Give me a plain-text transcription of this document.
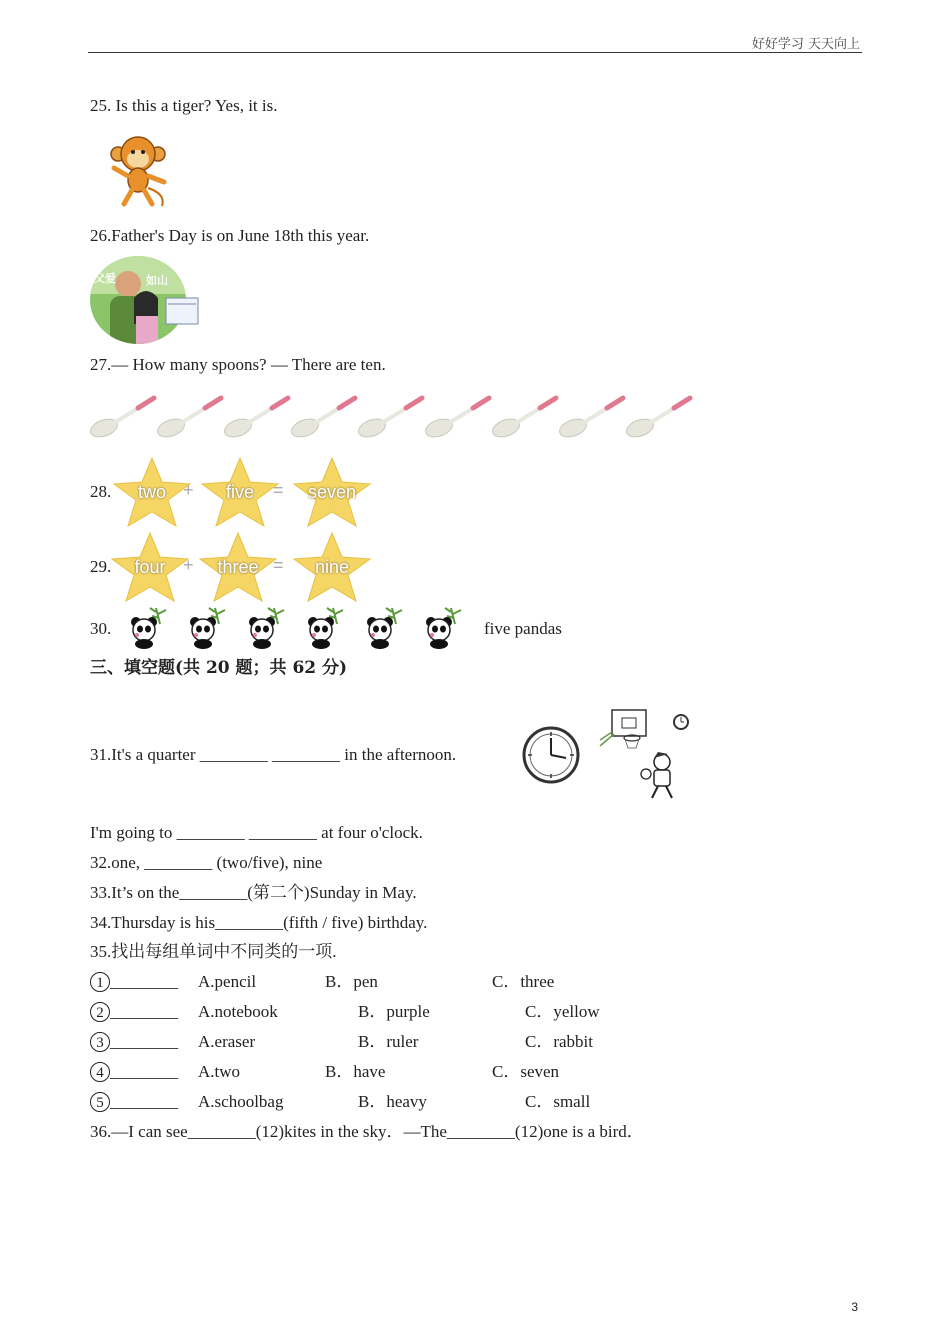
好好学习 天天向上
25. Is this a tiger? Yes, it is.
26.Father's Day is on June 18th this year.
父爱	如山
27.— How many spoons? — There are ten.
28.	two +	five	=	seven
29.	four +	three =	nine
30.	five pandas
三、填空题(共 20 题；共 62 分)
31.It's a quarter ________ ________ in the afternoon.
I'm going to ________ ________ at four o'clock.
32.one, ________ (two/five), nine
33.It’s on the________(第二个)Sunday in May.
34.Thursday is his________(fifth / five) birthday.
35.找出每组单词中不同类的一项.
1 ________ A.pencil	B．pen	C．three
2 ________ A.notebook	B．purple	C．yellow
3 ________ A.eraser	B．ruler	C．rabbit
4 ________ A.two	B．have	C．seven
5 ________ A.schoolbag	B．heavy	C．small
36.—I can see________(12)kites in the sky．—The________(12)one is a bird．
3
